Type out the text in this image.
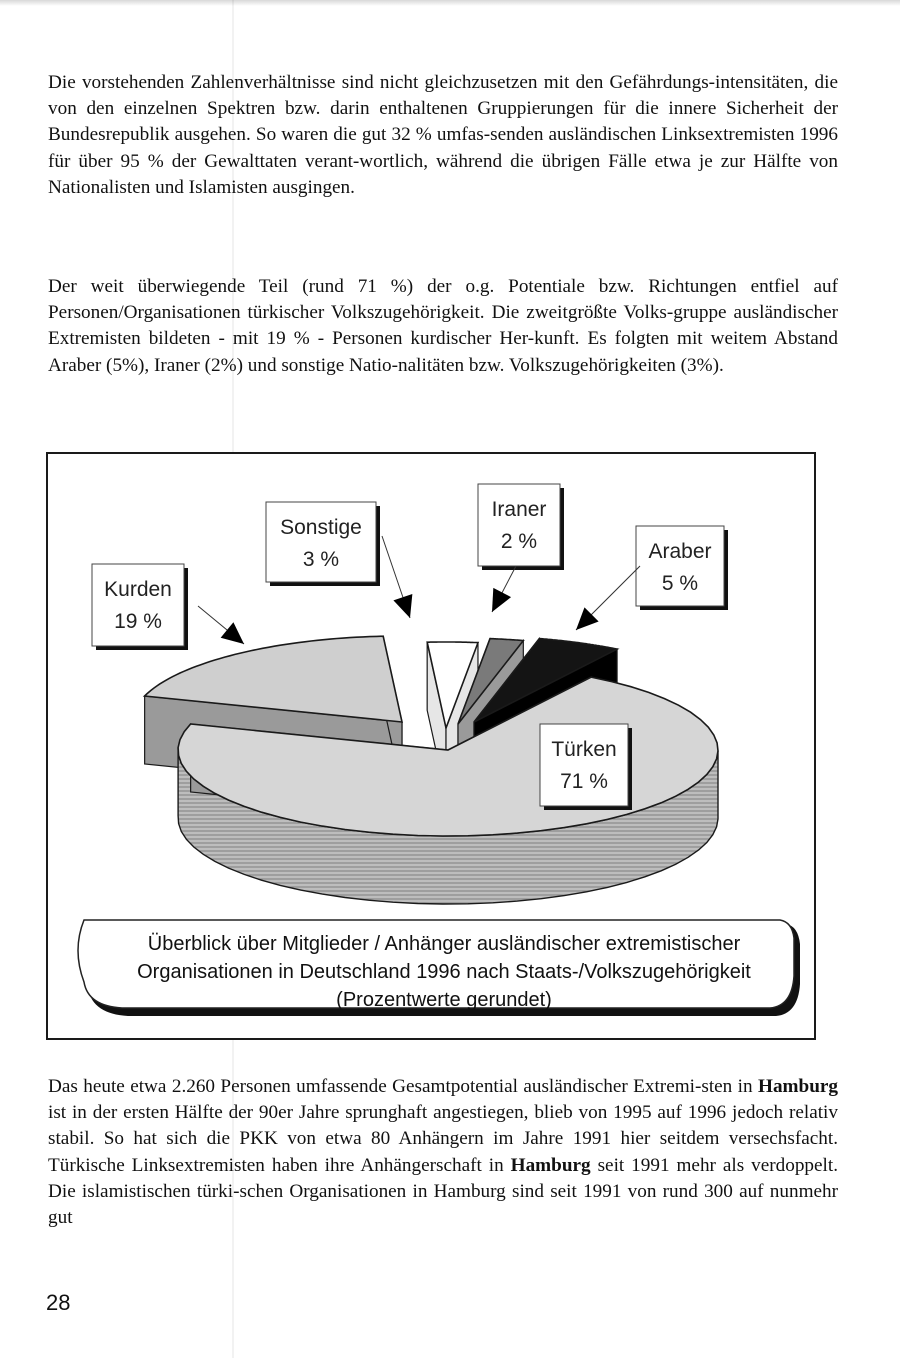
Die vorstehenden Zahlenverhältnisse sind nicht gleichzusetzen mit den Gefährdungs-intensitäten, die von den einzelnen Spektren bzw. darin enthaltenen Gruppierungen für die innere Sicherheit der Bundesrepublik ausgehen. So waren die gut 32 % umfas-senden ausländischen Linksextremisten 1996 für über 95 % der Gewalttaten verant-wortlich, während die übrigen Fälle etwa je zur Hälfte von Nationalisten und Islamisten ausgingen.

Der weit überwiegende Teil (rund 71 %) der o.g. Potentiale bzw. Richtungen entfiel auf Personen/Organisationen türkischer Volkszugehörigkeit. Die zweitgrößte Volks-gruppe ausländischer Extremisten bildeten - mit 19 % - Personen kurdischer Her-kunft. Es folgten mit weitem Abstand Araber (5%), Iraner (2%) und sonstige Natio-nalitäten bzw. Volkszugehörigkeiten (3%).

Türken
71 %
Kurden
19 %
Sonstige
3 %
Iraner
2 %	Araber
5 %
Überblick über Mitglieder / Anhänger ausländischer extremistischer
Organisationen in Deutschland 1996 nach Staats-/Volkszugehörigkeit
(Prozentwerte gerundet)

Das heute etwa 2.260 Personen umfassende Gesamtpotential ausländischer Extremi-sten in Hamburg ist in der ersten Hälfte der 90er Jahre sprunghaft angestiegen, blieb von 1995 auf 1996 jedoch relativ stabil. So hat sich die PKK von etwa 80 Anhängern im Jahre 1991 hier seitdem versechsfacht. Türkische Linksextremisten haben ihre Anhängerschaft in Hamburg seit 1991 mehr als verdoppelt. Die islamistischen türki-schen Organisationen in Hamburg sind seit 1991 von rund 300 auf nunmehr gut

28
